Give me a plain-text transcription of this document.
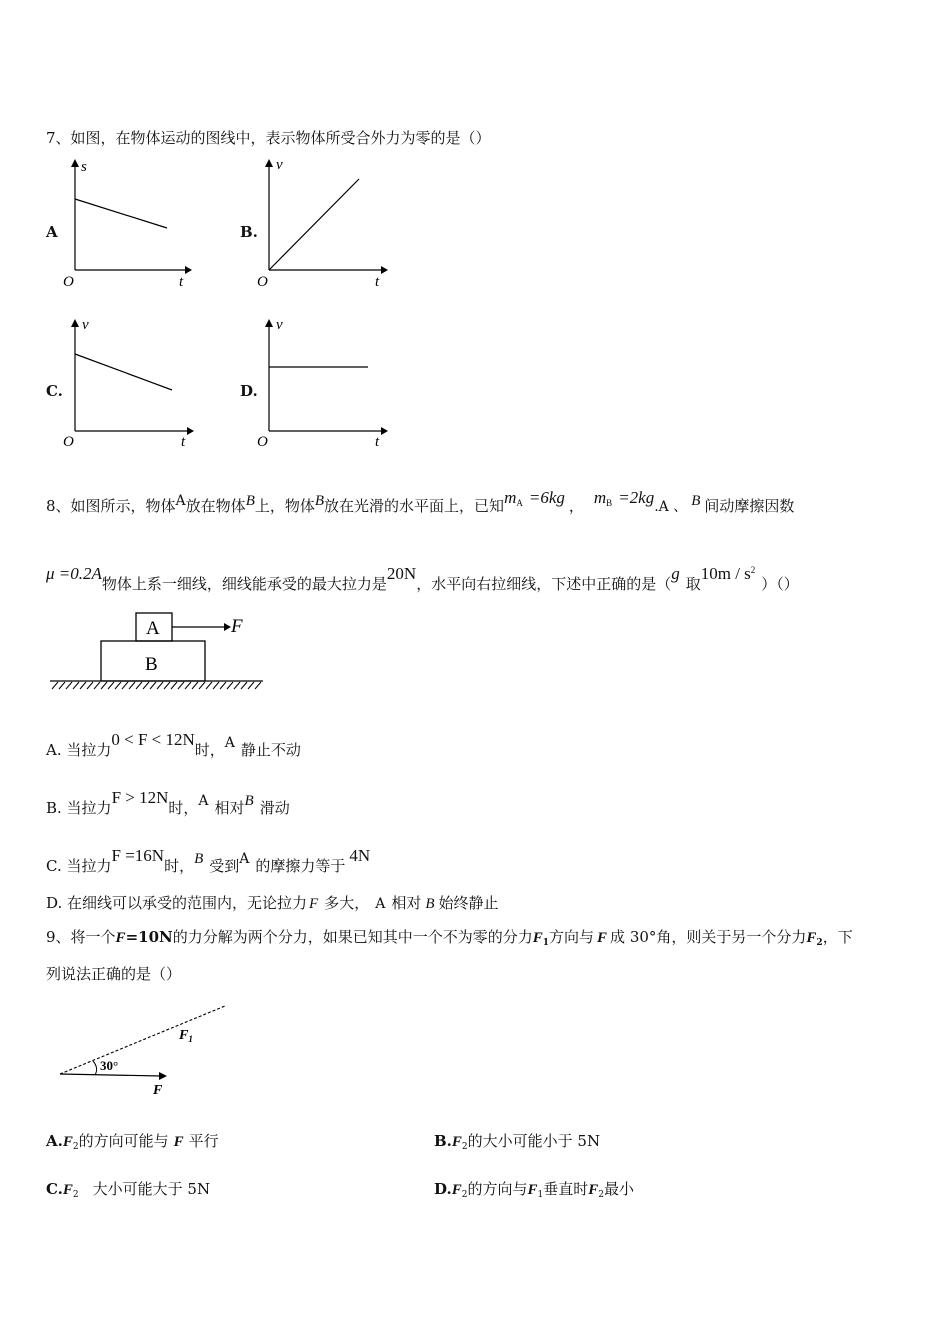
7、如图，在物体运动的图线中，表示物体所受合外力为零的是（）
A
s
O	t
B.
v
O	t
C.
v
O	t
D.
v
O	t
8、如图所示，物体A放在物体B上，物体B放在光滑的水平面上，已知$m_A =6kg$ ， $m_B =2kg.A$ 、 B 间动摩擦因数
μ =0.2A物体上系一细线，细线能承受的最大拉力是20N，水平向右拉细线，下述中正确的是（g取$10m / s^2)()$
A
B
F
A. 当拉力0 < F < 12N时，A 静止不动
B. 当拉力F > 12N时，A 相对B 滑动
C. 当拉力F =16N时，B 受到A 的摩擦力等于4N
D. 在细线可以承受的范围内，无论拉力 F 多大， A 相对 B 始终静止
9、将一个F=10N的力分解为两个分力，如果已知其中一个不为零的分力$F_1$方向与 F 成 30°角，则关于另一个分力$F_2$，下
列说法正确的是（）
30°
$F_1$
F
$A.F_2$的方向可能与 F 平行	$B.F_2$的大小可能小于 5N
$C.F_2$ 大小可能大于 5N	$D.F_2$的方向与$F_1$垂直时$F_2$最小
